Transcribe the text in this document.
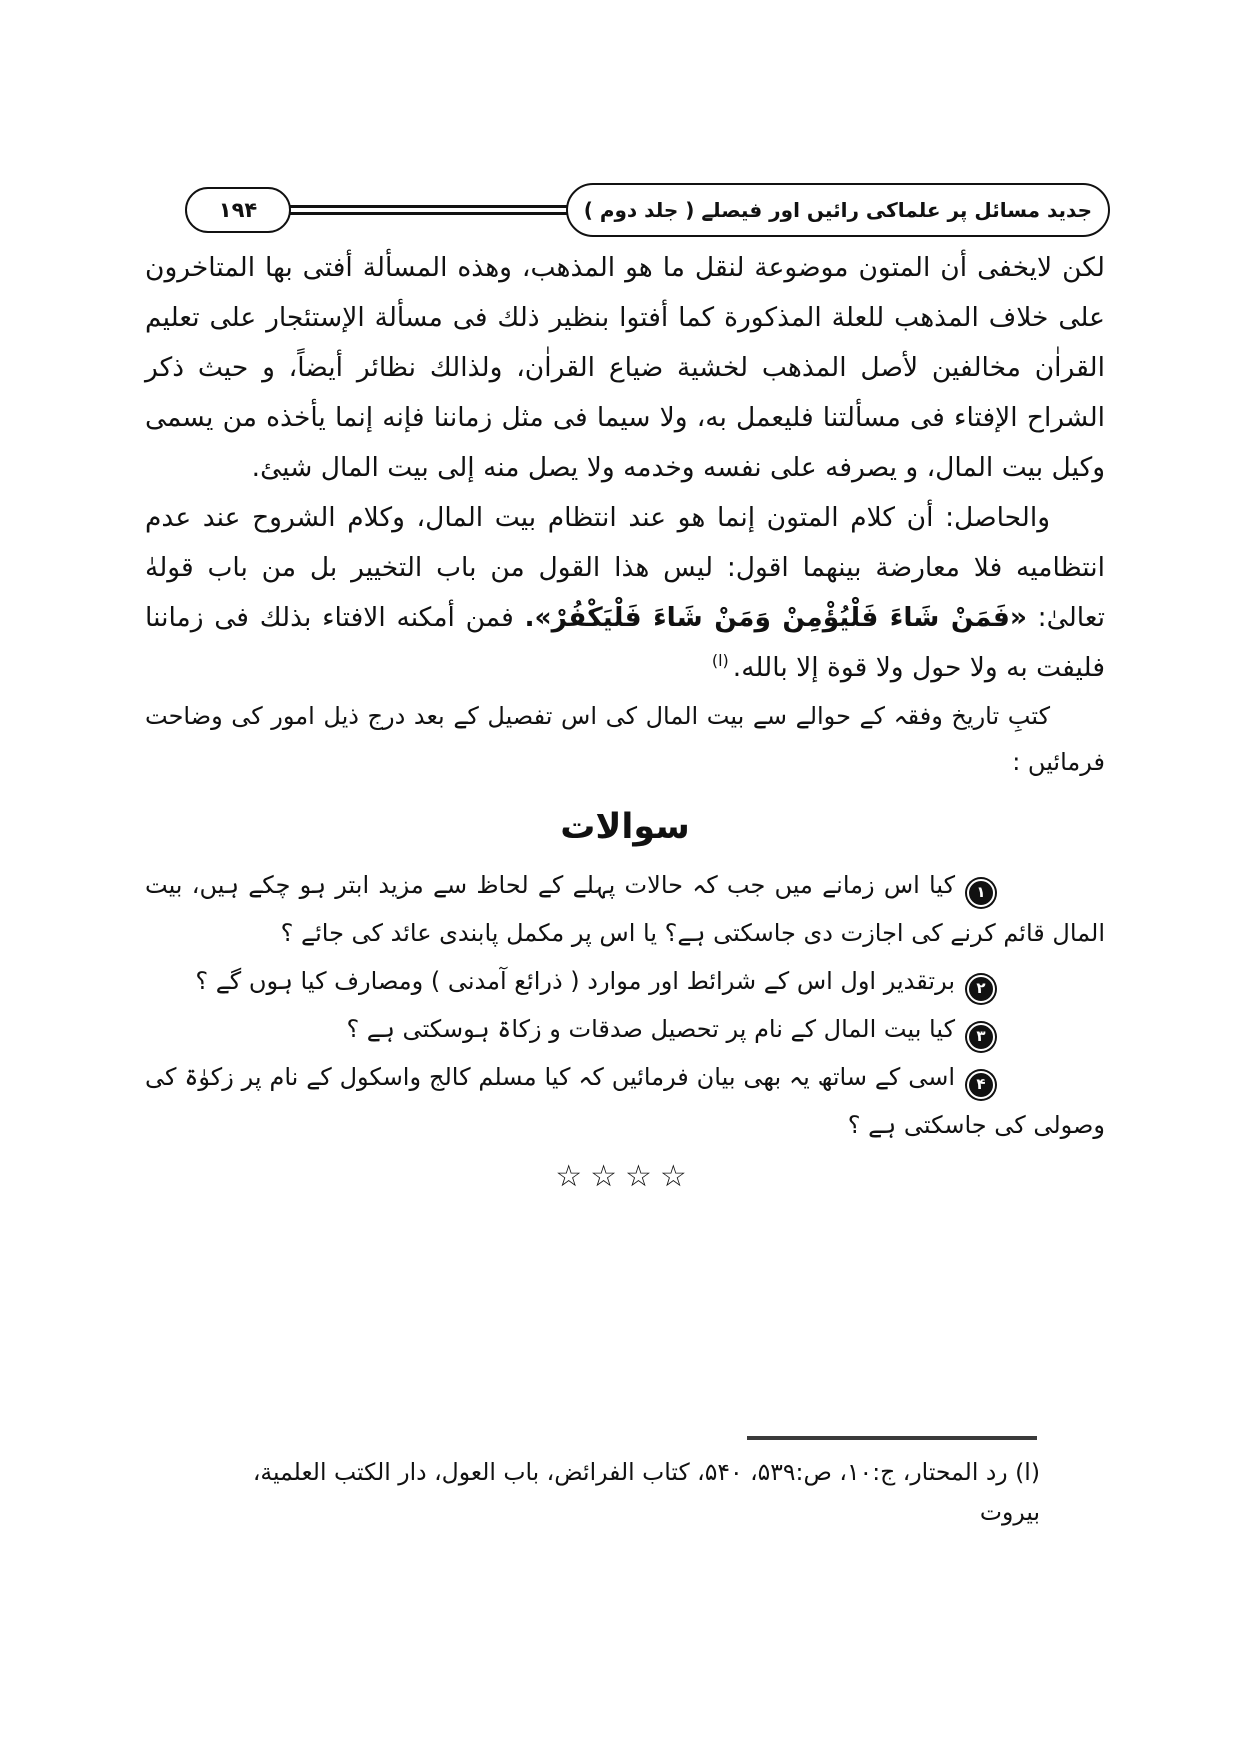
جدید مسائل پر علماکی رائیں اور فیصلے ( جلد دوم )
۱۹۴

لکن لایخفی أن المتون موضوعة لنقل ما هو المذهب، وهذه المسألة أفتی بها المتاخرون علی خلاف المذهب للعلة المذكورة كما أفتوا بنظير ذلك فی مسألة الإستئجار علی تعليم القراٰن مخالفين لأصل المذهب لخشية ضياع القراٰن، ولذالك نظائر أيضاً، و حيث ذكر الشراح الإفتاء فی مسألتنا فليعمل به، ولا سيما فی مثل زماننا فإنه إنما يأخذه من يسمی وكيل بيت المال، و يصرفه علی نفسه وخدمه ولا يصل منه إلی بيت المال شيئ.

والحاصل: أن كلام المتون إنما هو عند انتظام بيت المال، وكلام الشروح عند عدم انتظاميه فلا معارضة بينهما اقول: ليس هذا القول من باب التخيير بل من باب قولهٰ تعالیٰ: «فَمَنْ شَاءَ فَلْيُؤْمِنْ وَمَنْ شَاءَ فَلْيَكْفُرْ». فمن أمكنه الافتاء بذلك فی زماننا فليفت به ولا حول ولا قوة إلا بالله.$^{(ا)}$

کتبِ تاریخ وفقہ کے حوالے سے بیت المال کی اس تفصیل کے بعد درج ذیل امور کی وضاحت فرمائیں :

سوالات

۱کیا اس زمانے میں جب کہ حالات پہلے کے لحاظ سے مزید ابتر ہو چکے ہیں، بیت المال قائم کرنے کی اجازت دی جاسکتی ہے؟ یا اس پر مکمل پابندی عائد کی جائے ؟

۲برتقدیر اول اس کے شرائط اور موارد ( ذرائع آمدنی ) ومصارف کیا ہوں گے ؟

۳کیا بیت المال کے نام پر تحصیل صدقات و زکاۃ ہوسکتی ہے ؟

۴اسی کے ساتھ یہ بھی بیان فرمائیں کہ کیا مسلم کالج واسکول کے نام پر زکوٰۃ کی وصولی کی جاسکتی ہے ؟

☆☆☆☆
(ا) رد المحتار، ج:۱۰، ص:۵۳۹، ۵۴۰، کتاب الفرائض، باب العول، دار الکتب العلمیة، بیروت
